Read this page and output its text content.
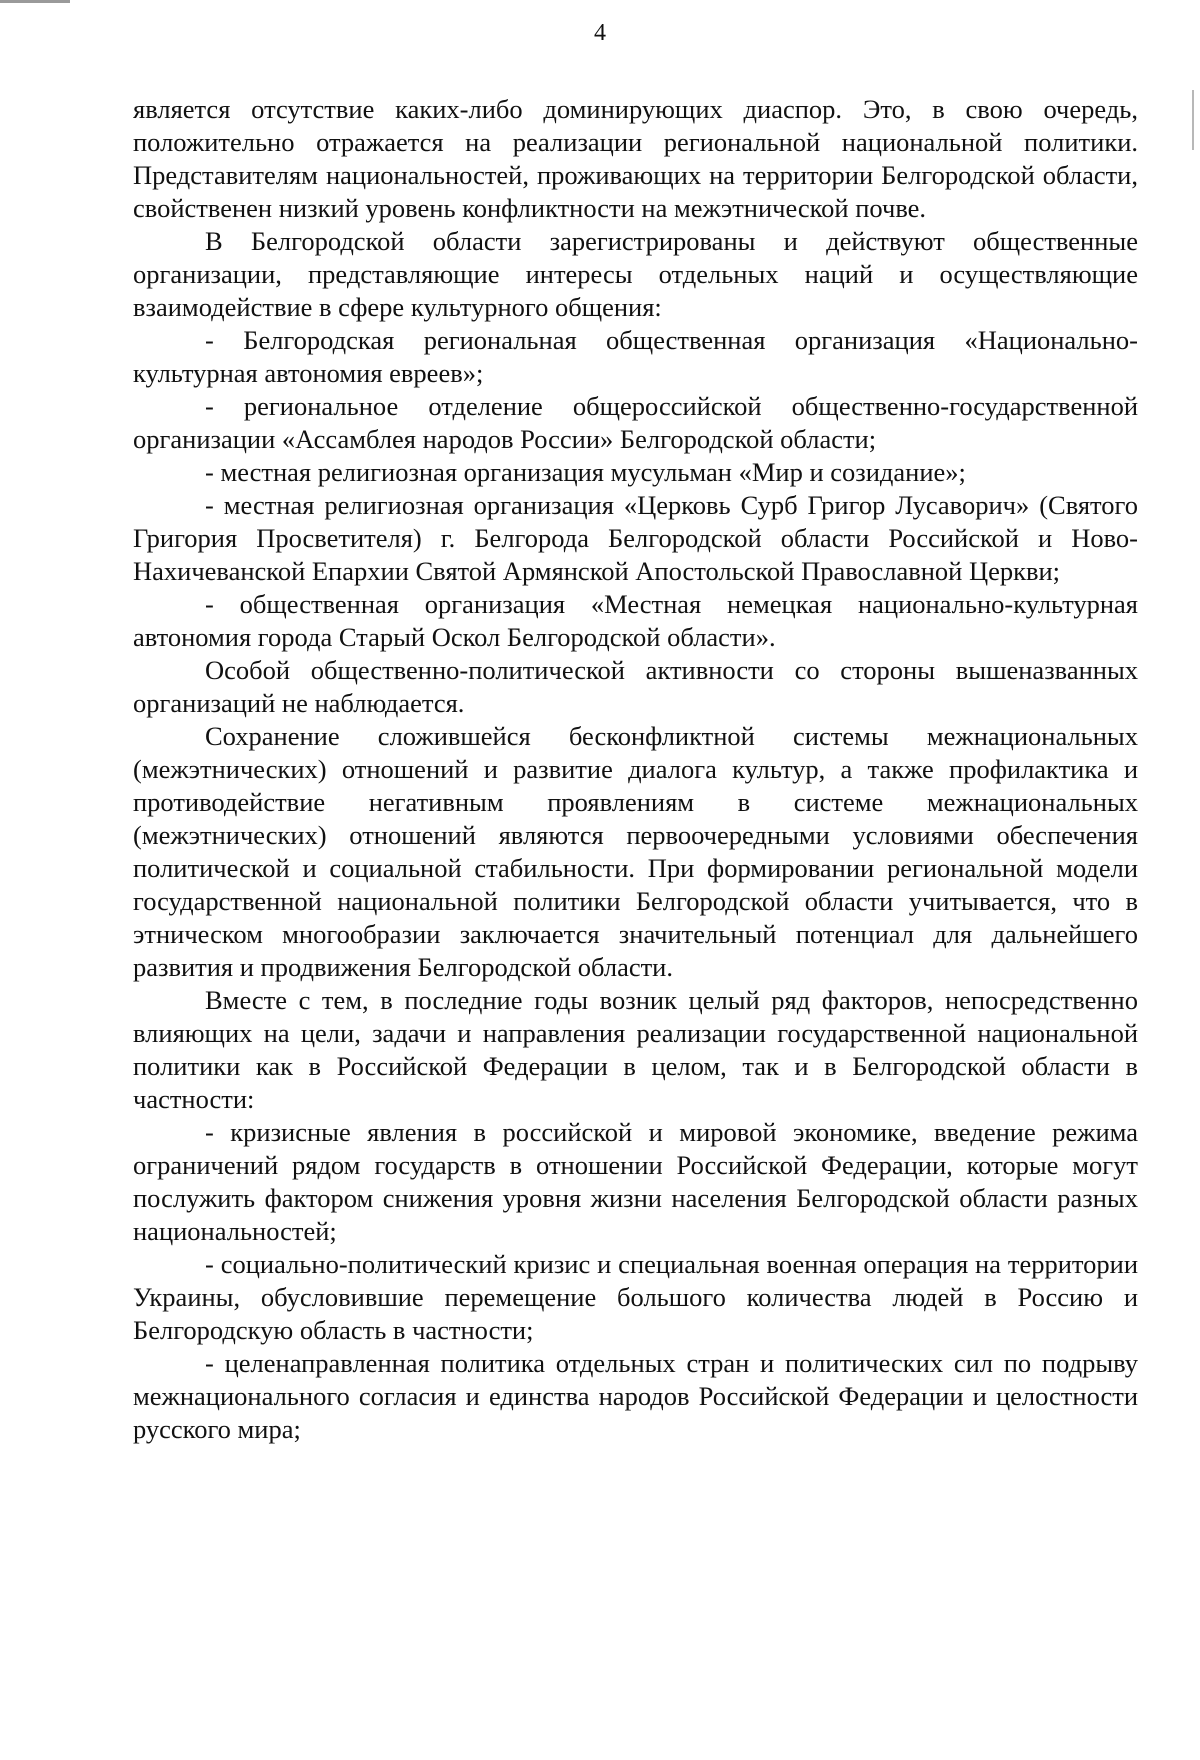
4

является отсутствие каких-либо доминирующих диаспор. Это, в свою очередь, положительно отражается на реализации региональной национальной политики. Представителям национальностей, проживающих на территории Белгородской области, свойственен низкий уровень конфликтности на межэтнической почве.

В Белгородской области зарегистрированы и действуют общественные организации, представляющие интересы отдельных наций и осуществляющие взаимодействие в сфере культурного общения:

- Белгородская региональная общественная организация «Национально-культурная автономия евреев»;

- региональное отделение общероссийской общественно-государственной организации «Ассамблея народов России» Белгородской области;

- местная религиозная организация мусульман «Мир и созидание»;

- местная религиозная организация «Церковь Сурб Григор Лусаворич» (Святого Григория Просветителя) г. Белгорода Белгородской области Российской и Ново-Нахичеванской Епархии Святой Армянской Апостольской Православной Церкви;

- общественная организация «Местная немецкая национально-культурная автономия города Старый Оскол Белгородской области».

Особой общественно-политической активности со стороны вышеназванных организаций не наблюдается.

Сохранение сложившейся бесконфликтной системы межнациональных (межэтнических) отношений и развитие диалога культур, а также профилактика и противодействие негативным проявлениям в системе межнациональных (межэтнических) отношений являются первоочередными условиями обеспечения политической и социальной стабильности. При формировании региональной модели государственной национальной политики Белгородской области учитывается, что в этническом многообразии заключается значительный потенциал для дальнейшего развития и продвижения Белгородской области.

Вместе с тем, в последние годы возник целый ряд факторов, непосредственно влияющих на цели, задачи и направления реализации государственной национальной политики как в Российской Федерации в целом, так и в Белгородской области в частности:

- кризисные явления в российской и мировой экономике, введение режима ограничений рядом государств в отношении Российской Федерации, которые могут послужить фактором снижения уровня жизни населения Белгородской области разных национальностей;

- социально-политический кризис и специальная военная операция на территории Украины, обусловившие перемещение большого количества людей в Россию и Белгородскую область в частности;

- целенаправленная политика отдельных стран и политических сил по подрыву межнационального согласия и единства народов Российской Федерации и целостности русского мира;
